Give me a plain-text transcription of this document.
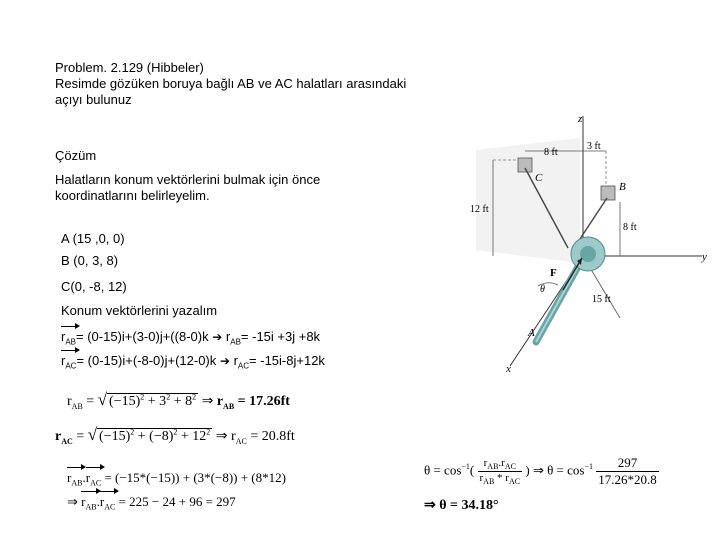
Problem. 2.129 (Hibbeler)
Resimde gözüken boruya bağlı AB ve AC halatları arasındaki
açıyı bulunuz
Çözüm
Halatların konum vektörlerini bulmak için önce
koordinatlarını belirleyelim.
A (15 ,0, 0)
B (0, 3, 8)
C(0, -8, 12)
Konum vektörlerini yazalım
$r_{AB}= (0-15)i+(3-0)j+((8-0)k$ ➔ $r_{AB}= -15i +3j +8k$
$r_{AC}= (0-15)i+(-8-0)j+(12-0)k$ ➔ $r_{AC}= -15i-8j+12k$
$r_{AB}$ = √ $(-15)^2 + 3^2 + 8^2$ ⇒ $r_{AB} = 17.26ft$
$r_{AC}$ = √ $(-15)^2 + (-8)^2 + 12^2$ ⇒ $r_{AC} = 20.8ft$
$r_{AB}.r_{AC} = (-15*(-15)) + (3*(-8)) + (8*12)$
⇒ $r_{AB}.r_{AC} = 225 - 24 + 96 = 297$
$\theta = \cos^{-1}( \frac{r_{AB}.r_{AC}}{r_{AB} * r_{AC}}$ ) ⇒ $\theta = \cos^{-1} \frac{297}{17.26*20.8}$
⇒ θ = 34.18°
z
y
x
C
B
A
F
θ
8 ft
3 ft
12 ft
8 ft
15 ft
